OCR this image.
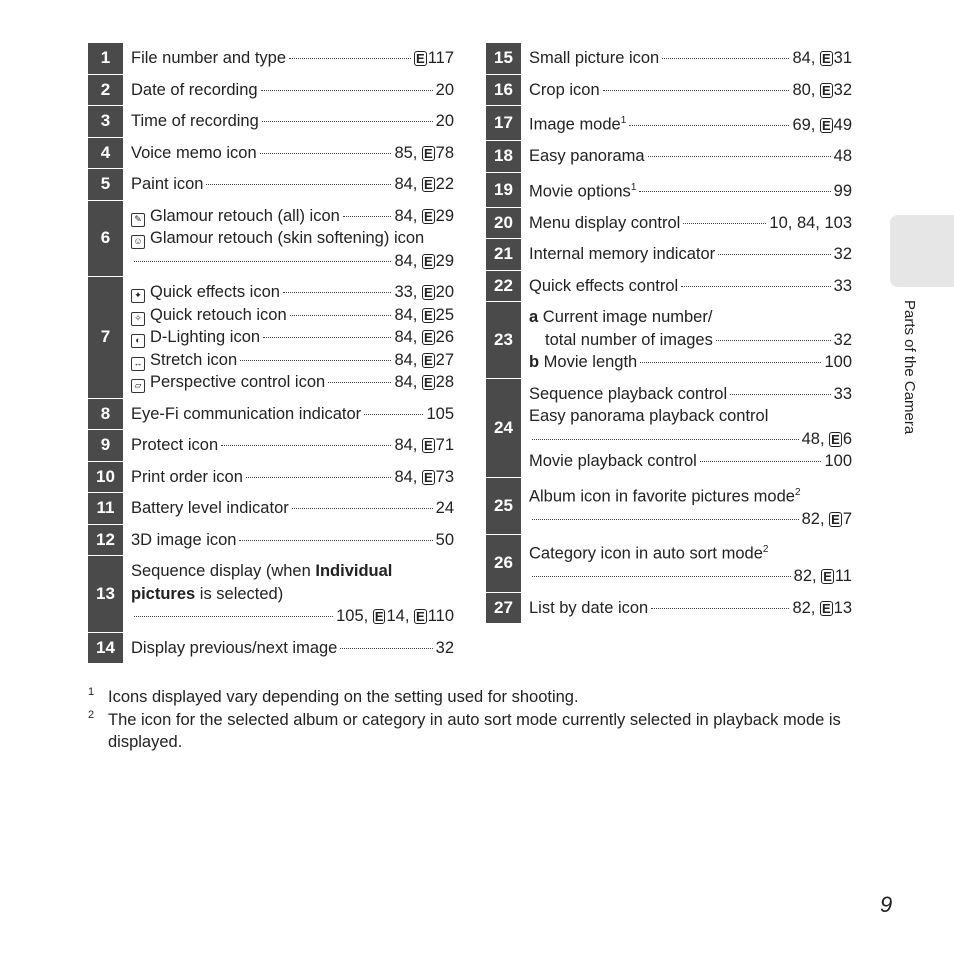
1	File number and type	E 117
2	Date of recording	20
3	Time of recording	20
4	Voice memo icon	85, E 78
5	Paint icon	84, E 22
6
✎ Glamour retouch (all) icon	84, E 29
☺ Glamour retouch (skin softening) icon
84, E 29
7
✦ Quick effects icon	33, E 20
✧ Quick retouch icon	84, E 25
◐ D-Lighting icon	84, E 26
↔ Stretch icon	84, E 27
▱ Perspective control icon	84, E 28
8	Eye-Fi communication indicator	105
9	Protect icon	84, E 71
10 Print order icon	84, E 73
11	Battery level indicator	24
12 3D image icon	50
13
Sequence display (when Individual
pictures is selected)
105, E 14, E 110
14 Display previous/next image	32
15 Small picture icon	84, E 31
16 Crop icon	80, E 32
17 Image mode$^1$	69, E 49
18 Easy panorama	48
19 Movie options$^1$	99
20 Menu display control	10, 84, 103
21 Internal memory indicator	32
22 Quick effects control	33
23
a Current image number/
total number of images	32
b Movie length	100
24
Sequence playback control	33
Easy panorama playback control
48, E 6
Movie playback control	100
25 Album icon in favorite pictures mode$^2$
82, E 7
26 Category icon in auto sort mode$^2$
82, E 11
27 List by date icon	82, E 13
1 Icons displayed vary depending on the setting used for shooting.
2 The icon for the selected album or category in auto sort mode currently selected in playback mode is displayed.
Parts of the Camera
9
